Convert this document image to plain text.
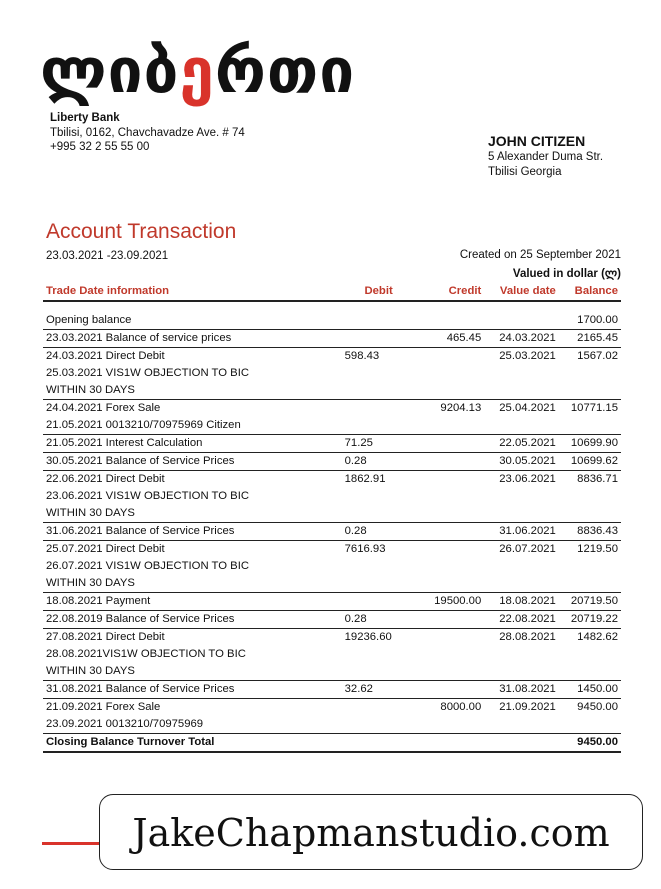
ლიბერთი
Liberty Bank
Tbilisi, 0162, Chavchavadze Ave. # 74
+995 32 2 55 55 00	JOHN CITIZEN
5 Alexander Duma Str.
Tbilisi Georgia
Account Transaction
23.03.2021 -23.09.2021	Created on 25 September 2021
Valued in dollar (ლ)
Trade Date information	Debit	Credit	Value date	Balance

Opening balance				1700.00

23.03.2021 Balance of service prices		465.45	24.03.2021	2165.45

24.03.2021 Direct Debit
25.03.2021 VIS1W OBJECTION TO BIC
WITHIN 30 DAYS	598.43		25.03.2021	1567.02

24.04.2021 Forex Sale
21.05.2021 0013210/70975969 Citizen		9204.13	25.04.2021	10771.15

21.05.2021 Interest Calculation	71.25		22.05.2021	10699.90

30.05.2021 Balance of Service Prices	0.28		30.05.2021	10699.62

22.06.2021 Direct Debit
23.06.2021 VIS1W OBJECTION TO BIC
WITHIN 30 DAYS	1862.91		23.06.2021	8836.71

31.06.2021 Balance of Service Prices	0.28		31.06.2021	8836.43

25.07.2021 Direct Debit
26.07.2021 VIS1W OBJECTION TO BIC
WITHIN 30 DAYS	7616.93		26.07.2021	1219.50

18.08.2021 Payment		19500.00	18.08.2021	20719.50

22.08.2019 Balance of Service Prices	0.28		22.08.2021	20719.22

27.08.2021 Direct Debit
28.08.2021VIS1W OBJECTION TO BIC
WITHIN 30 DAYS	19236.60		28.08.2021	1482.62

31.08.2021 Balance of Service Prices	32.62		31.08.2021	1450.00

21.09.2021 Forex Sale
23.09.2021 0013210/70975969		8000.00	21.09.2021	9450.00
Closing Balance Turnover Total				9450.00
JakeChapmanstudio.com
